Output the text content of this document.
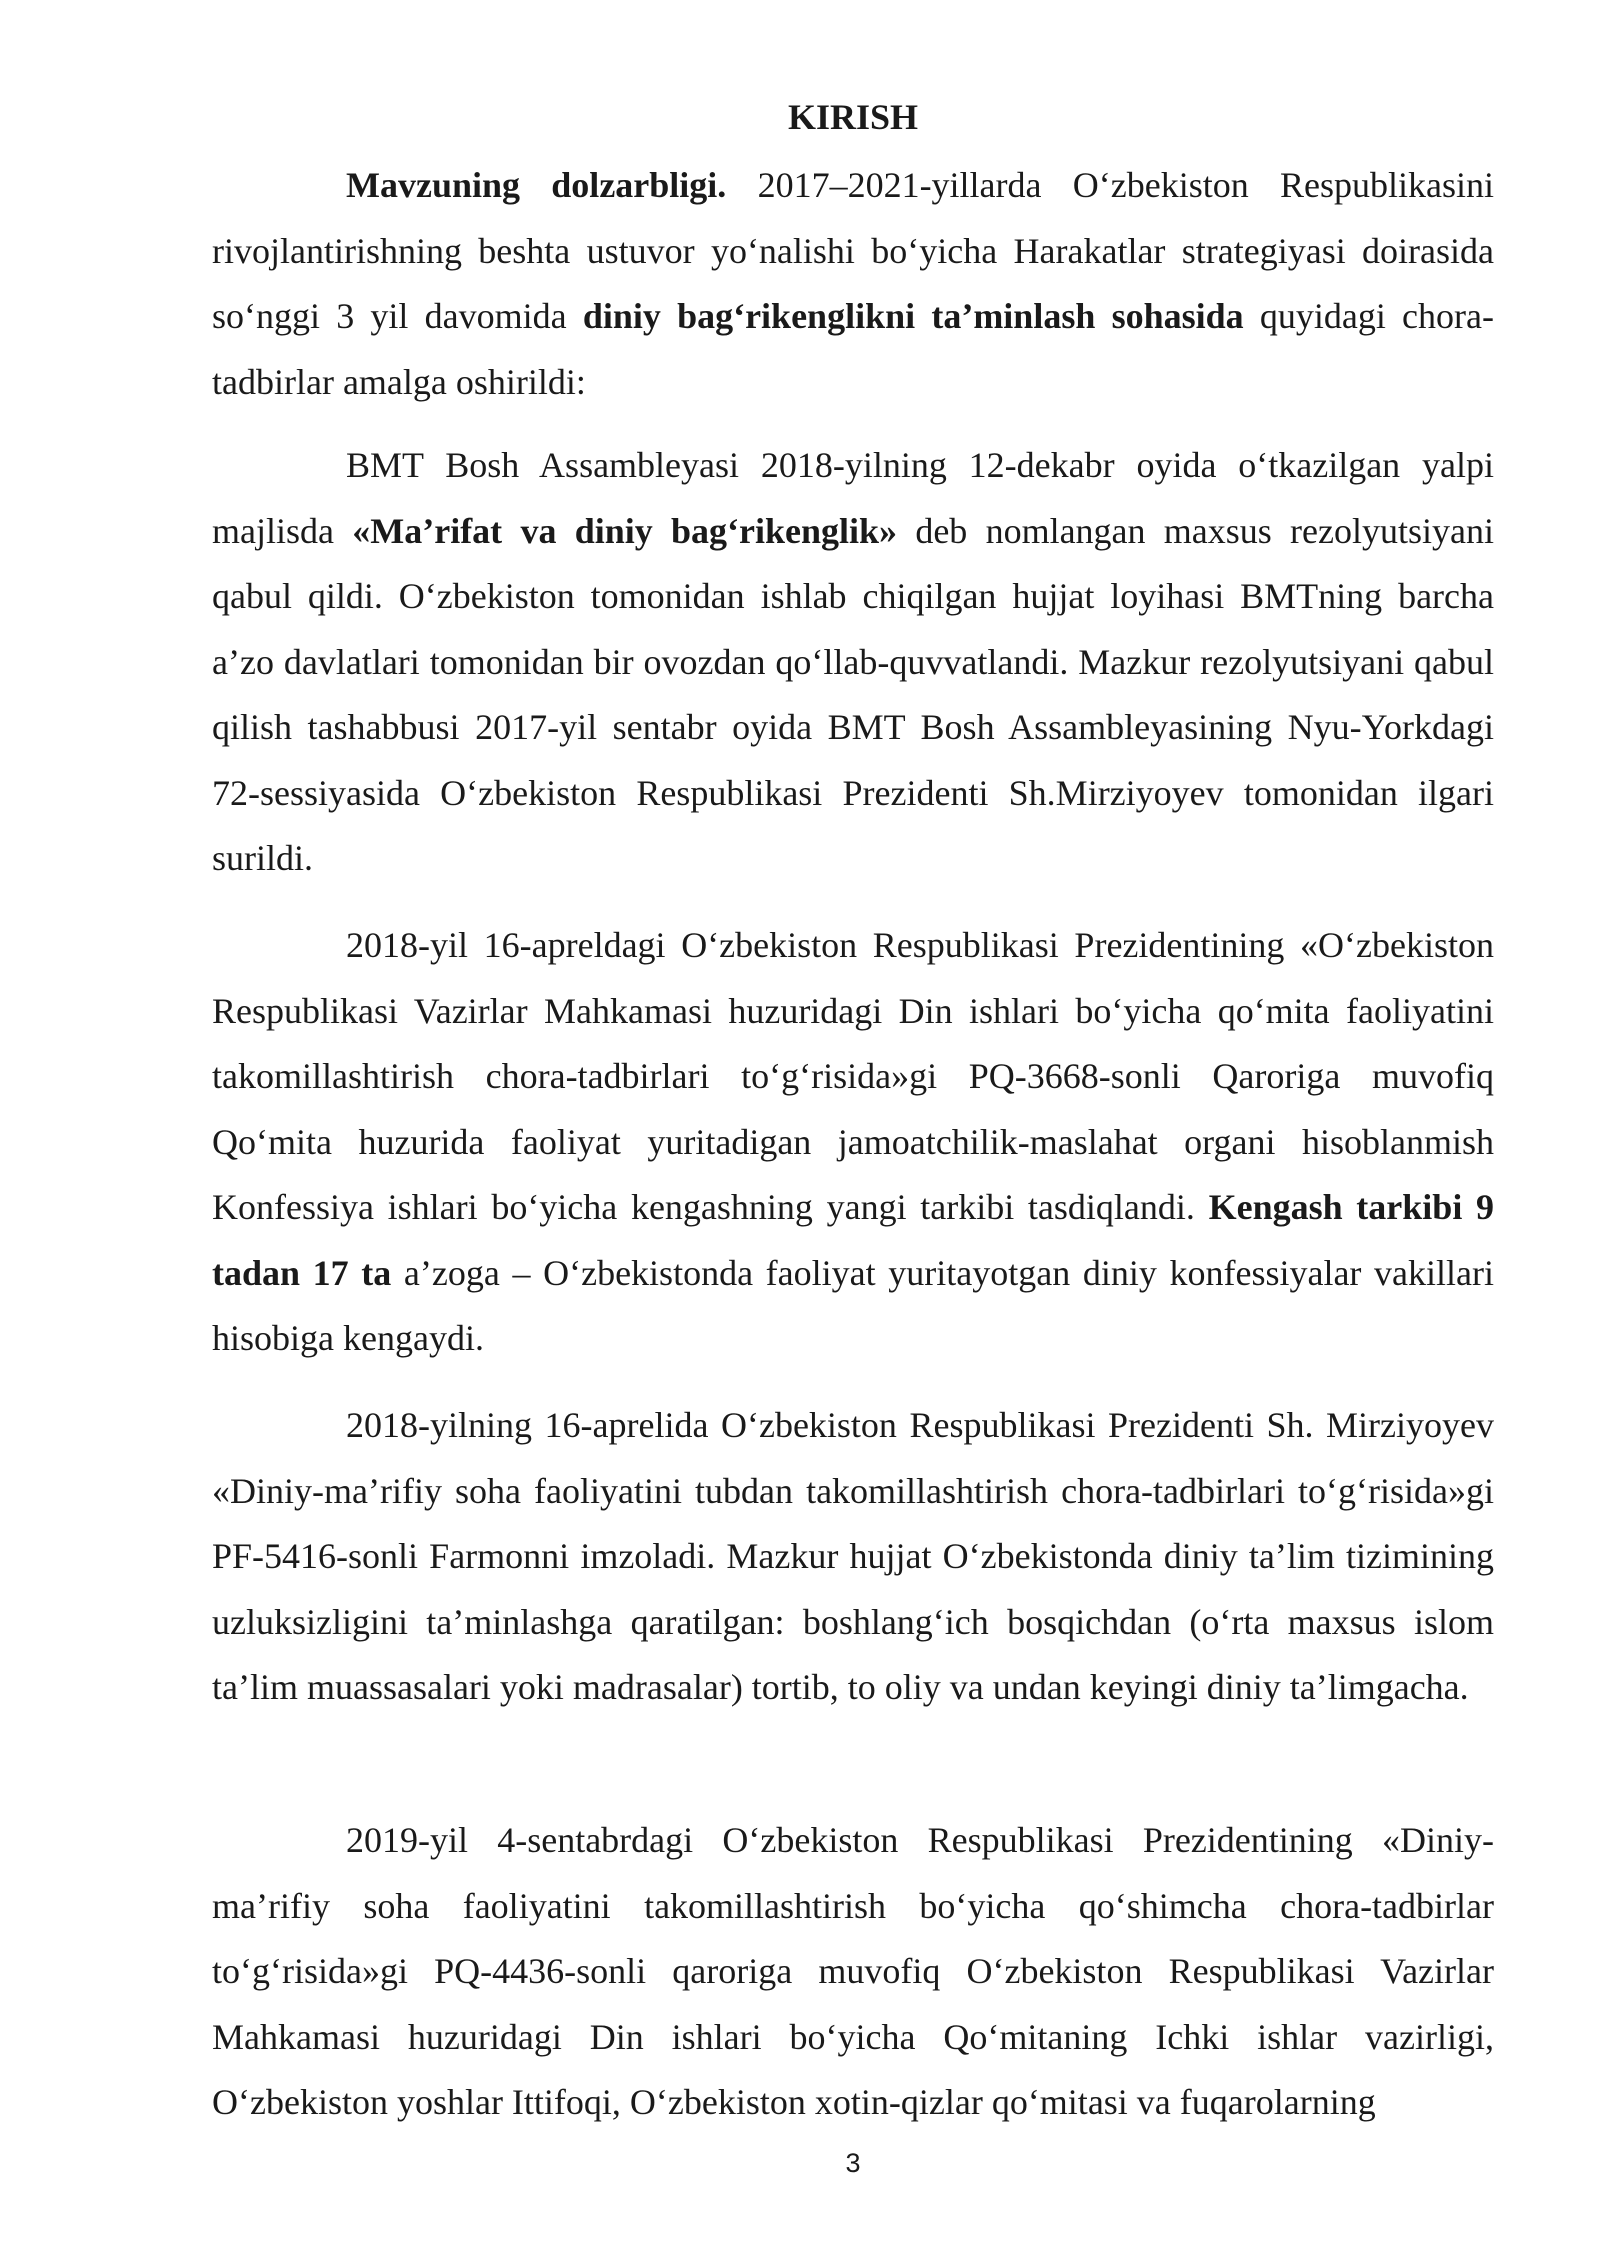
KIRISH

Mavzuning dolzarbligi. 2017–2021-yillarda O‘zbekiston Respublikasini rivojlantirishning beshta ustuvor yo‘nalishi bo‘yicha Harakatlar strategiyasi doirasida so‘nggi 3 yil davomida diniy bag‘rikenglikni ta’minlash sohasida quyidagi chora-tadbirlar amalga oshirildi:

BMT Bosh Assambleyasi 2018-yilning 12-dekabr oyida o‘tkazilgan yalpi majlisda «Ma’rifat va diniy bag‘rikenglik» deb nomlangan maxsus rezolyutsiyani qabul qildi. O‘zbekiston tomonidan ishlab chiqilgan hujjat loyihasi BMTning barcha a’zo davlatlari tomonidan bir ovozdan qo‘llab-quvvatlandi. Mazkur rezolyutsiyani qabul qilish tashabbusi 2017-yil sentabr oyida BMT Bosh Assambleyasining Nyu-Yorkdagi 72-sessiyasida O‘zbekiston Respublikasi Prezidenti Sh.Mirziyoyev tomonidan ilgari surildi.

2018-yil 16-apreldagi O‘zbekiston Respublikasi Prezidentining «O‘zbekiston Respublikasi Vazirlar Mahkamasi huzuridagi Din ishlari bo‘yicha qo‘mita faoliyatini takomillashtirish chora-tadbirlari to‘g‘risida»gi PQ-3668-sonli Qaroriga muvofiq Qo‘mita huzurida faoliyat yuritadigan jamoatchilik-maslahat organi hisoblanmish Konfessiya ishlari bo‘yicha kengashning yangi tarkibi tasdiqlandi. Kengash tarkibi 9 tadan 17 ta a’zoga – O‘zbekistonda faoliyat yuritayotgan diniy konfessiyalar vakillari hisobiga kengaydi.

2018-yilning 16-aprelida O‘zbekiston Respublikasi Prezidenti Sh. Mirziyoyev «Diniy-ma’rifiy soha faoliyatini tubdan takomillashtirish chora-tadbirlari to‘g‘risida»gi PF-5416-sonli Farmonni imzoladi. Mazkur hujjat O‘zbekistonda diniy ta’lim tizimining uzluksizligini ta’minlashga qaratilgan: boshlang‘ich bosqichdan (o‘rta maxsus islom ta’lim muassasalari yoki madrasalar) tortib, to oliy va undan keyingi diniy ta’limgacha.

2019-yil 4-sentabrdagi O‘zbekiston Respublikasi Prezidentining «Diniy-ma’rifiy soha faoliyatini takomillashtirish bo‘yicha qo‘shimcha chora-tadbirlar to‘g‘risida»gi PQ-4436-sonli qaroriga muvofiq O‘zbekiston Respublikasi Vazirlar Mahkamasi huzuridagi Din ishlari bo‘yicha Qo‘mitaning Ichki ishlar vazirligi, O‘zbekiston yoshlar Ittifoqi, O‘zbekiston xotin-qizlar qo‘mitasi va fuqarolarning

3
